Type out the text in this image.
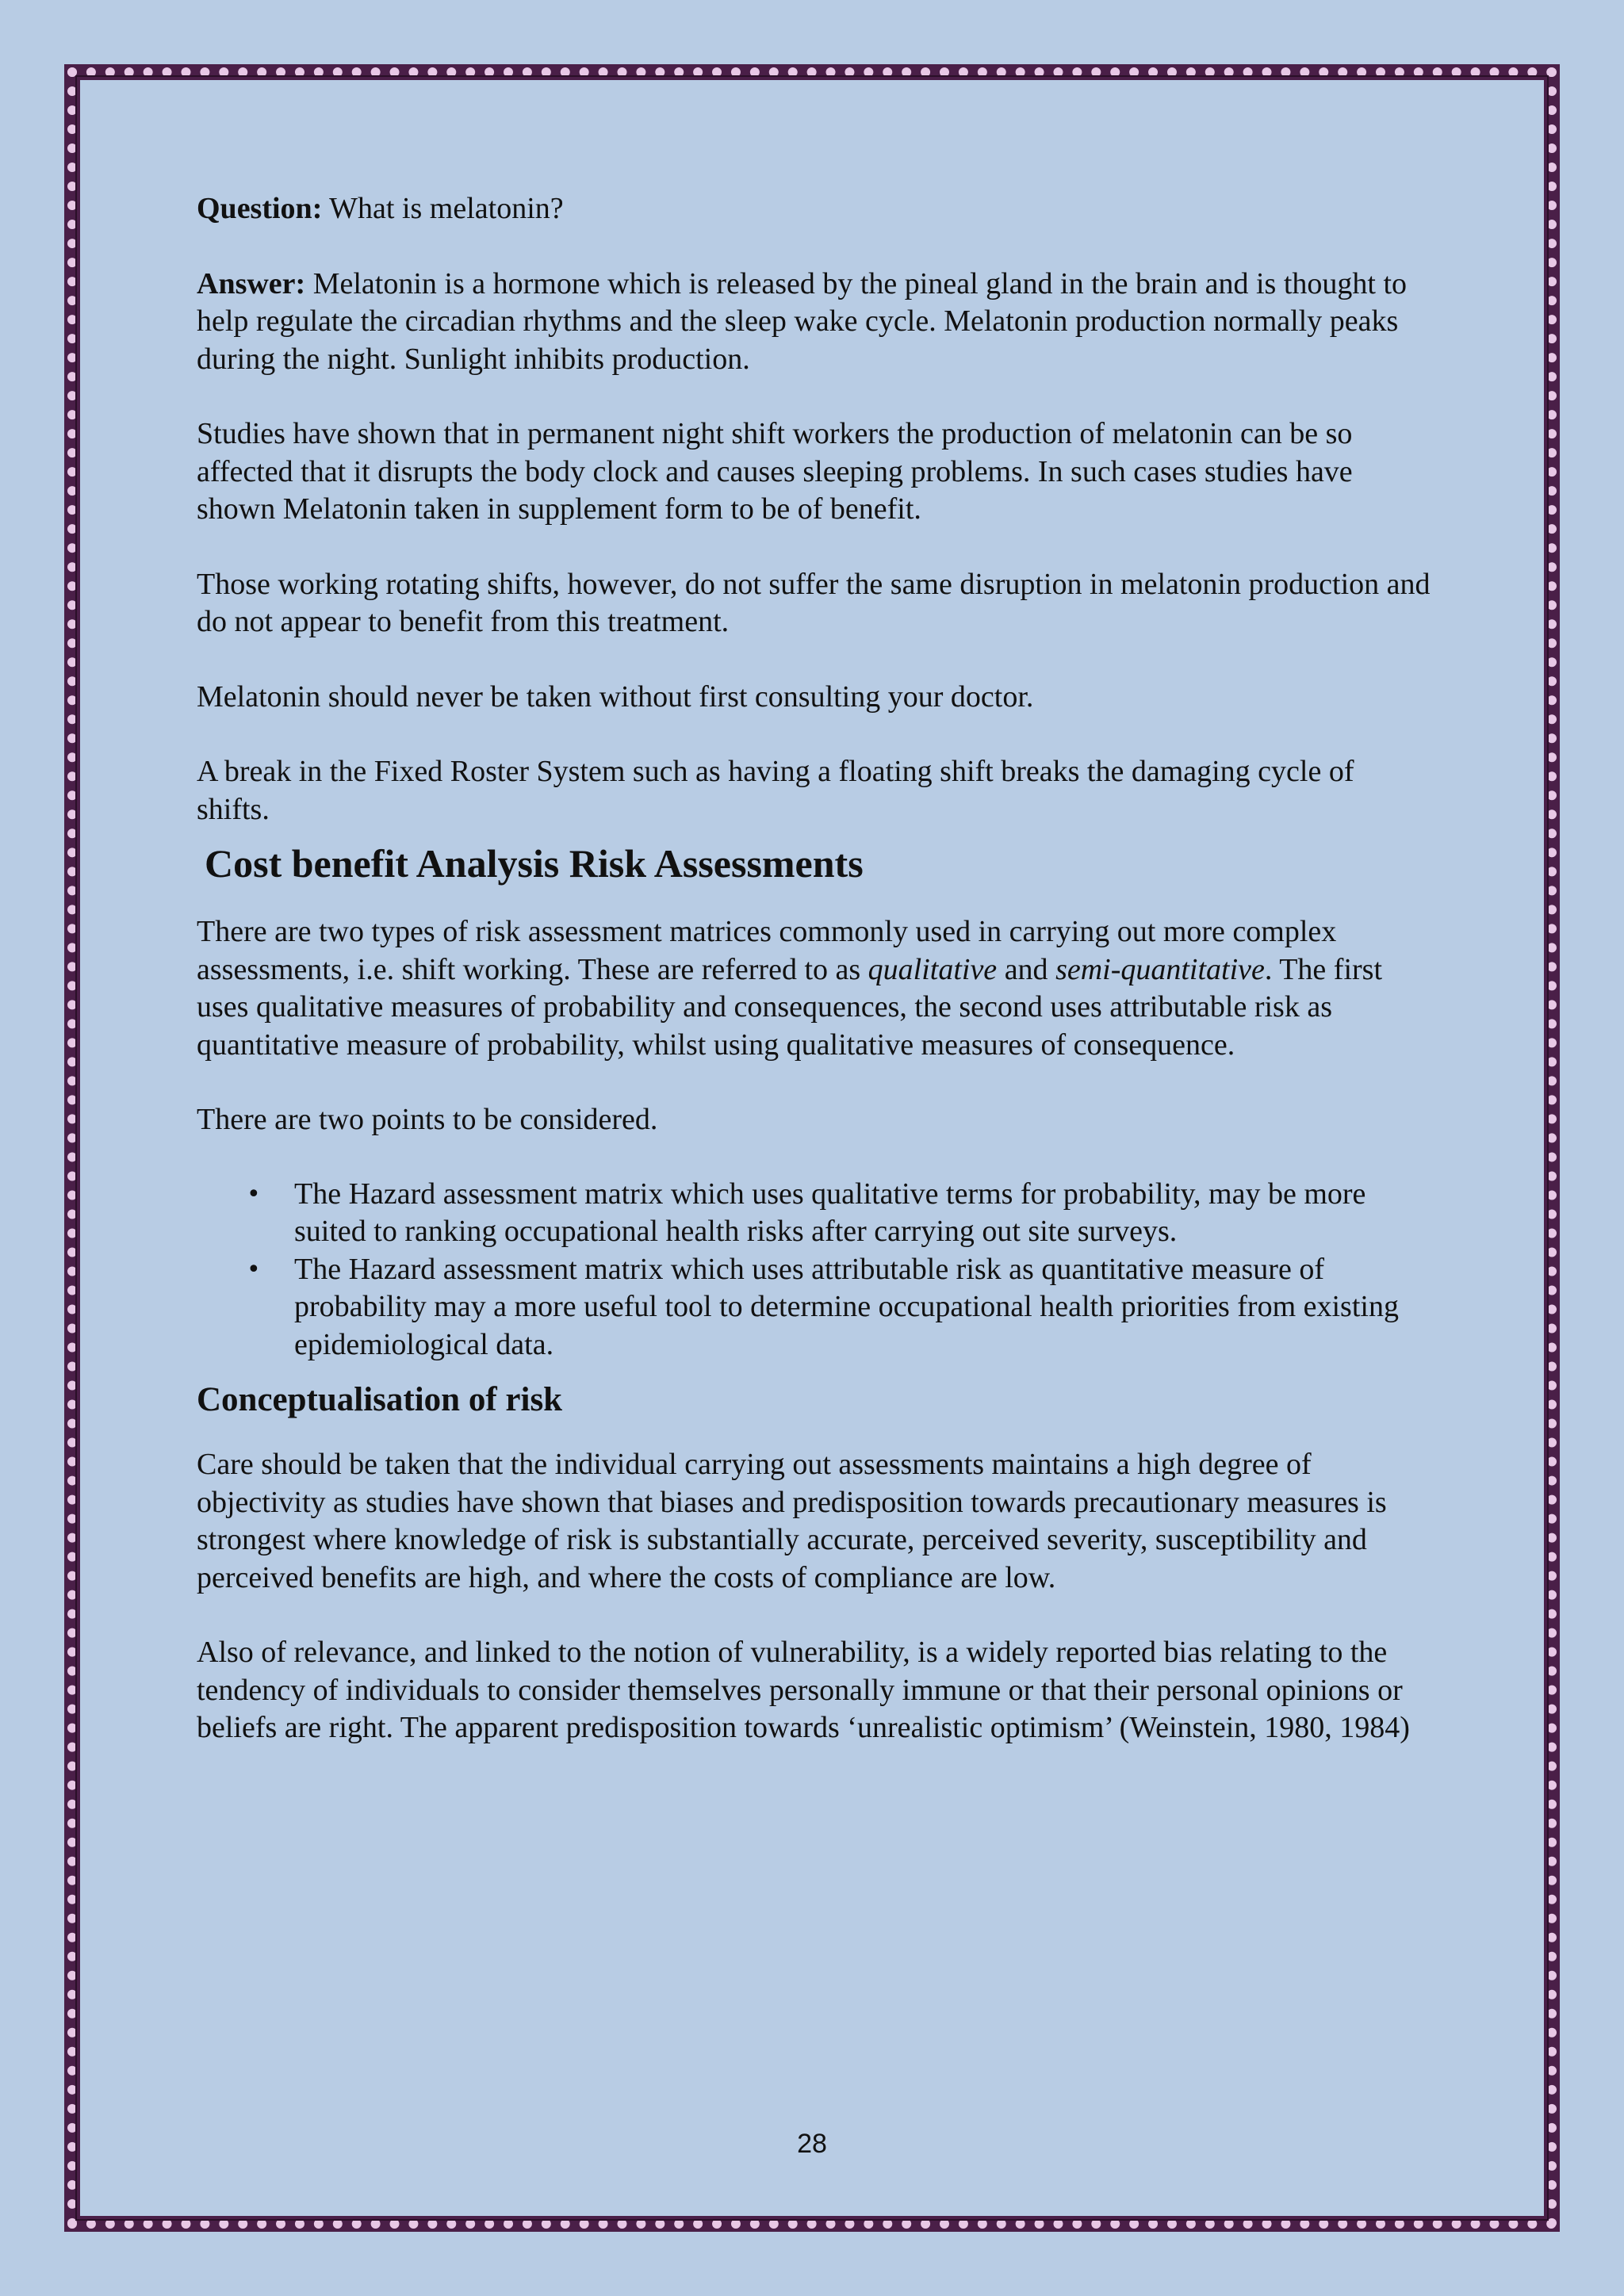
Question: What is melatonin?

Answer: Melatonin is a hormone which is released by the pineal gland in the brain and is thought to help regulate the circadian rhythms and the sleep wake cycle. Melatonin production normally peaks during the night. Sunlight inhibits production.

Studies have shown that in permanent night shift workers the production of melatonin can be so affected that it disrupts the body clock and causes sleeping problems. In such cases studies have shown Melatonin taken in supplement form to be of benefit.

Those working rotating shifts, however, do not suffer the same disruption in melatonin production and do not appear to benefit from this treatment.

Melatonin should never be taken without first consulting your doctor.

A break in the Fixed Roster System such as having a floating shift breaks the damaging cycle of shifts.

Cost benefit Analysis Risk Assessments

There are two types of risk assessment matrices commonly used in carrying out more complex assessments, i.e. shift working. These are referred to as qualitative and semi-quantitative. The first uses qualitative measures of probability and consequences, the second uses attributable risk as quantitative measure of probability, whilst using qualitative measures of consequence.

There are two points to be considered.

• The Hazard assessment matrix which uses qualitative terms for probability, may be more suited to ranking occupational health risks after carrying out site surveys.
• The Hazard assessment matrix which uses attributable risk as quantitative measure of probability may a more useful tool to determine occupational health priorities from existing epidemiological data.
Conceptualisation of risk

Care should be taken that the individual carrying out assessments maintains a high degree of objectivity as studies have shown that biases and predisposition towards precautionary measures is strongest where knowledge of risk is substantially accurate, perceived severity, susceptibility and perceived benefits are high, and where the costs of compliance are low.

Also of relevance, and linked to the notion of vulnerability, is a widely reported bias relating to the tendency of individuals to consider themselves personally immune or that their personal opinions or beliefs are right. The apparent predisposition towards ‘unrealistic optimism’ (Weinstein, 1980, 1984)

28
